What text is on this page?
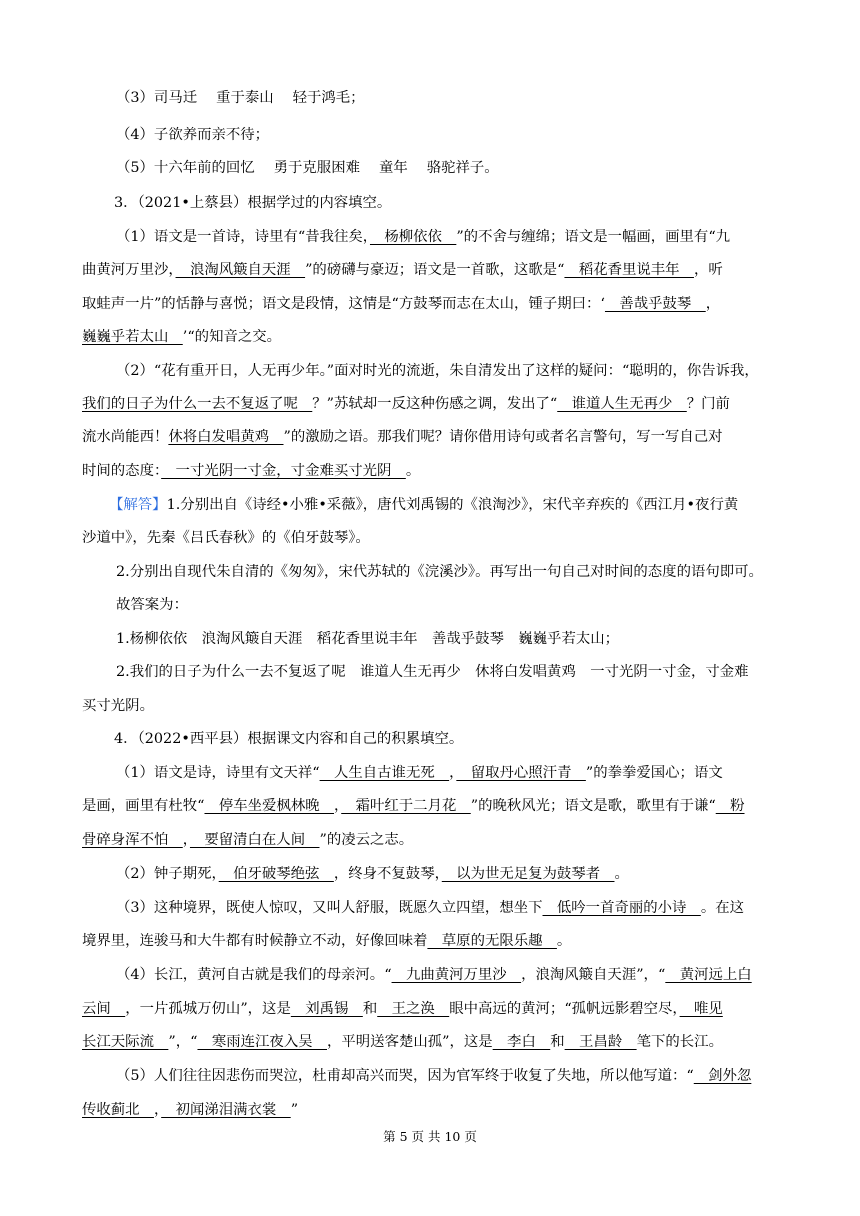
（3）司马迁　 重于泰山　 轻于鸿毛；
（4）子欲养而亲不待；
（5）十六年前的回忆　 勇于克服困难　 童年　 骆驼祥子。
3．（2021•上蔡县）根据学过的内容填空。
（1）语文是一首诗，诗里有“昔我往矣，　杨柳依依　”的不舍与缠绵；语文是一幅画，画里有“九
曲黄河万里沙，　浪淘风簸自天涯　”的磅礴与豪迈；语文是一首歌，这歌是“　稻花香里说丰年　，听
取蛙声一片”的恬静与喜悦；语文是段情，这情是“方鼓琴而志在太山，锺子期曰：‘　善哉乎鼓琴　，
巍巍乎若太山　’“的知音之交。
（2）“花有重开日，人无再少年。”面对时光的流逝，朱自清发出了这样的疑问：“聪明的，你告诉我，
我们的日子为什么一去不复返了呢　？”苏轼却一反这种伤感之调，发出了“　谁道人生无再少　？门前
流水尚能西！休将白发唱黄鸡　”的激励之语。那我们呢？请你借用诗句或者名言警句，写一写自己对
时间的态度：　一寸光阴一寸金，寸金难买寸光阴　。
【解答】1.分别出自《诗经•小雅•采薇》，唐代刘禹锡的《浪淘沙》，宋代辛弃疾的《西江月•夜行黄
沙道中》，先秦《吕氏春秋》的《伯牙鼓琴》。
2.分别出自现代朱自清的《匆匆》，宋代苏轼的《浣溪沙》。再写出一句自己对时间的态度的语句即可。
故答案为：
1.杨柳依依　浪淘风簸自天涯　稻花香里说丰年　善哉乎鼓琴　巍巍乎若太山；
2.我们的日子为什么一去不复返了呢　谁道人生无再少　休将白发唱黄鸡　一寸光阴一寸金，寸金难
买寸光阴。
4．（2022•西平县）根据课文内容和自己的积累填空。
（1）语文是诗，诗里有文天祥“　人生自古谁无死　，　留取丹心照汗青　”的拳拳爱国心；语文
是画，画里有杜牧“　停车坐爱枫林晚　，　霜叶红于二月花　”的晚秋风光；语文是歌，歌里有于谦“　粉
骨碎身浑不怕　，　要留清白在人间　”的凌云之志。
（2）钟子期死，　伯牙破琴绝弦　，终身不复鼓琴，　以为世无足复为鼓琴者　。
（3）这种境界，既使人惊叹，又叫人舒服，既愿久立四望，想坐下　低吟一首奇丽的小诗　。在这
境界里，连骏马和大牛都有时候静立不动，好像回味着　草原的无限乐趣　。
（4）长江，黄河自古就是我们的母亲河。“　九曲黄河万里沙　，浪淘风簸自天涯”，“　黄河远上白
云间　，一片孤城万仞山”，这是　刘禹锡　和　王之涣　眼中高远的黄河；“孤帆远影碧空尽，　唯见
长江天际流　”，“　寒雨连江夜入吴　，平明送客楚山孤”，这是　李白　和　王昌龄　笔下的长江。
（5）人们往往因悲伤而哭泣，杜甫却高兴而哭，因为官军终于收复了失地，所以他写道：“　剑外忽
传收蓟北　，　初闻涕泪满衣裳　”
第 5 页 共 10 页
